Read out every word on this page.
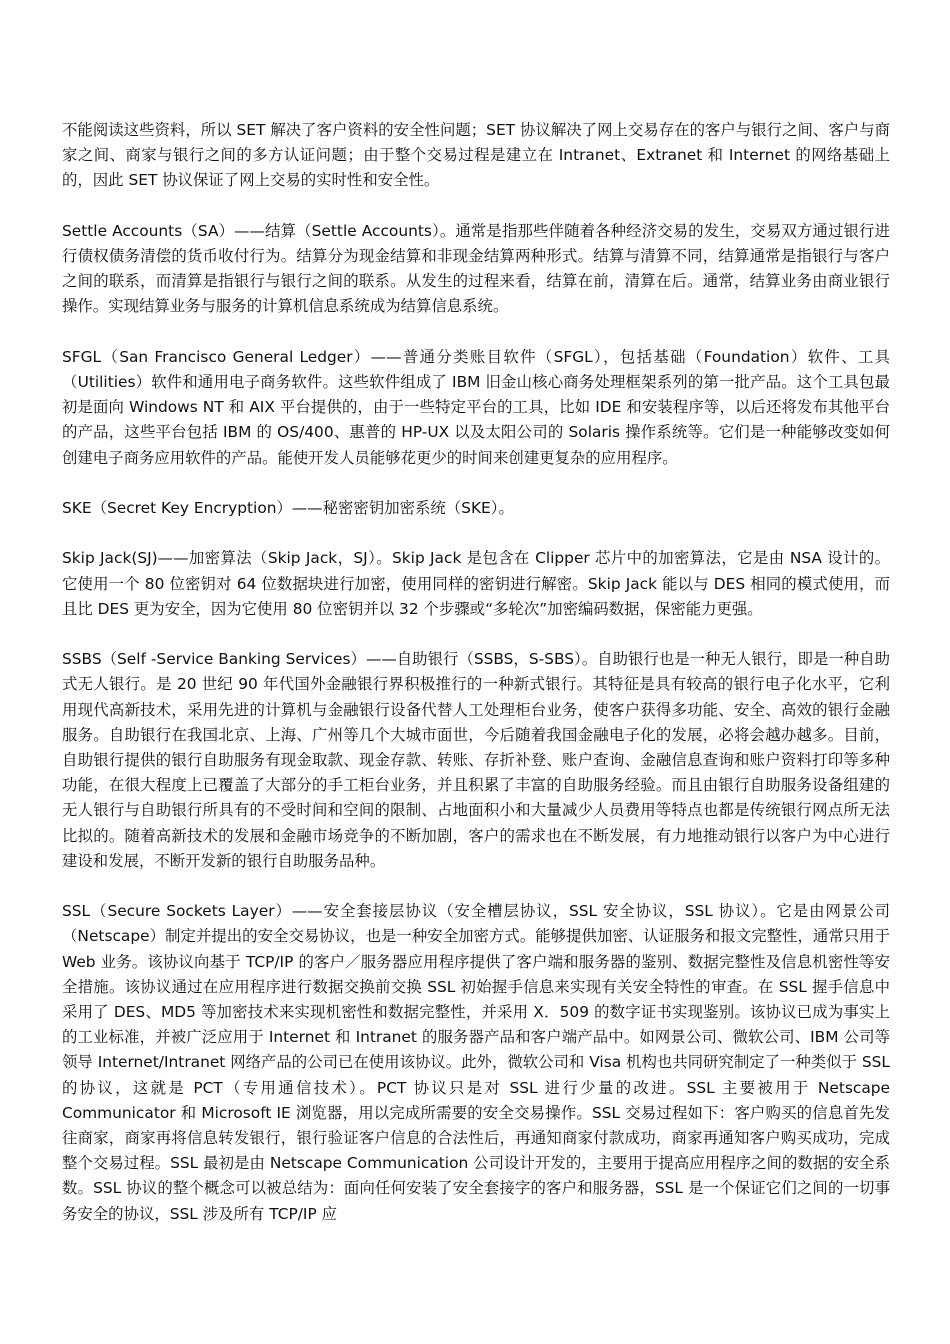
不能阅读这些资料，所以 SET 解决了客户资料的安全性问题；SET 协议解决了网上交易存在的客户与银行之间、客户与商家之间、商家与银行之间的多方认证问题；由于整个交易过程是建立在 Intranet、Extranet 和 Internet 的网络基础上的，因此 SET 协议保证了网上交易的实时性和安全性。

Settle Accounts（SA）——结算（Settle Accounts）。通常是指那些伴随着各种经济交易的发生，交易双方通过银行进行债权债务清偿的货币收付行为。结算分为现金结算和非现金结算两种形式。结算与清算不同，结算通常是指银行与客户之间的联系，而清算是指银行与银行之间的联系。从发生的过程来看，结算在前，清算在后。通常，结算业务由商业银行操作。实现结算业务与服务的计算机信息系统成为结算信息系统。

SFGL（San Francisco General Ledger）——普通分类账目软件（SFGL），包括基础（Foundation）软件、工具（Utilities）软件和通用电子商务软件。这些软件组成了 IBM 旧金山核心商务处理框架系列的第一批产品。这个工具包最初是面向 Windows NT 和 AIX 平台提供的，由于一些特定平台的工具，比如 IDE 和安装程序等，以后还将发布其他平台的产品，这些平台包括 IBM 的 OS/400、惠普的 HP-UX 以及太阳公司的 Solaris 操作系统等。它们是一种能够改变如何创建电子商务应用软件的产品。能使开发人员能够花更少的时间来创建更复杂的应用程序。

SKE（Secret Key Encryption）——秘密密钥加密系统（SKE）。

Skip Jack(SJ)——加密算法（Skip Jack，SJ）。Skip Jack 是包含在 Clipper 芯片中的加密算法，它是由 NSA 设计的。它使用一个 80 位密钥对 64 位数据块进行加密，使用同样的密钥进行解密。Skip Jack 能以与 DES 相同的模式使用，而且比 DES 更为安全，因为它使用 80 位密钥并以 32 个步骤或“多轮次”加密编码数据，保密能力更强。

SSBS（Self -Service Banking Services）——自助银行（SSBS，S-SBS）。自助银行也是一种无人银行，即是一种自助式无人银行。是 20 世纪 90 年代国外金融银行界积极推行的一种新式银行。其特征是具有较高的银行电子化水平，它利用现代高新技术，采用先进的计算机与金融银行设备代替人工处理柜台业务，使客户获得多功能、安全、高效的银行金融服务。自助银行在我国北京、上海、广州等几个大城市面世，今后随着我国金融电子化的发展，必将会越办越多。目前，自助银行提供的银行自助服务有现金取款、现金存款、转账、存折补登、账户查询、金融信息查询和账户资料打印等多种功能，在很大程度上已覆盖了大部分的手工柜台业务，并且积累了丰富的自助服务经验。而且由银行自助服务设备组建的无人银行与自助银行所具有的不受时间和空间的限制、占地面积小和大量减少人员费用等特点也都是传统银行网点所无法比拟的。随着高新技术的发展和金融市场竞争的不断加剧，客户的需求也在不断发展，有力地推动银行以客户为中心进行建设和发展，不断开发新的银行自助服务品种。

SSL（Secure Sockets Layer）——安全套接层协议（安全槽层协议，SSL 安全协议，SSL 协议）。它是由网景公司（Netscape）制定并提出的安全交易协议，也是一种安全加密方式。能够提供加密、认证服务和报文完整性，通常只用于 Web 业务。该协议向基于 TCP/IP 的客户／服务器应用程序提供了客户端和服务器的鉴别、数据完整性及信息机密性等安全措施。该协议通过在应用程序进行数据交换前交换 SSL 初始握手信息来实现有关安全特性的审查。在 SSL 握手信息中采用了 DES、MD5 等加密技术来实现机密性和数据完整性，并采用 X．509 的数字证书实现鉴别。该协议已成为事实上的工业标准，并被广泛应用于 Internet 和 Intranet 的服务器产品和客户端产品中。如网景公司、微软公司、IBM 公司等领导 Internet/Intranet 网络产品的公司已在使用该协议。此外，微软公司和 Visa 机构也共同研究制定了一种类似于 SSL 的协议，这就是 PCT（专用通信技术）。PCT 协议只是对 SSL 进行少量的改进。SSL 主要被用于 Netscape Communicator 和 Microsoft IE 浏览器，用以完成所需要的安全交易操作。SSL 交易过程如下：客户购买的信息首先发往商家，商家再将信息转发银行，银行验证客户信息的合法性后，再通知商家付款成功，商家再通知客户购买成功，完成整个交易过程。SSL 最初是由 Netscape Communication 公司设计开发的，主要用于提高应用程序之间的数据的安全系数。SSL 协议的整个概念可以被总结为：面向任何安装了安全套接字的客户和服务器，SSL 是一个保证它们之间的一切事务安全的协议，SSL 涉及所有 TCP/IP 应
